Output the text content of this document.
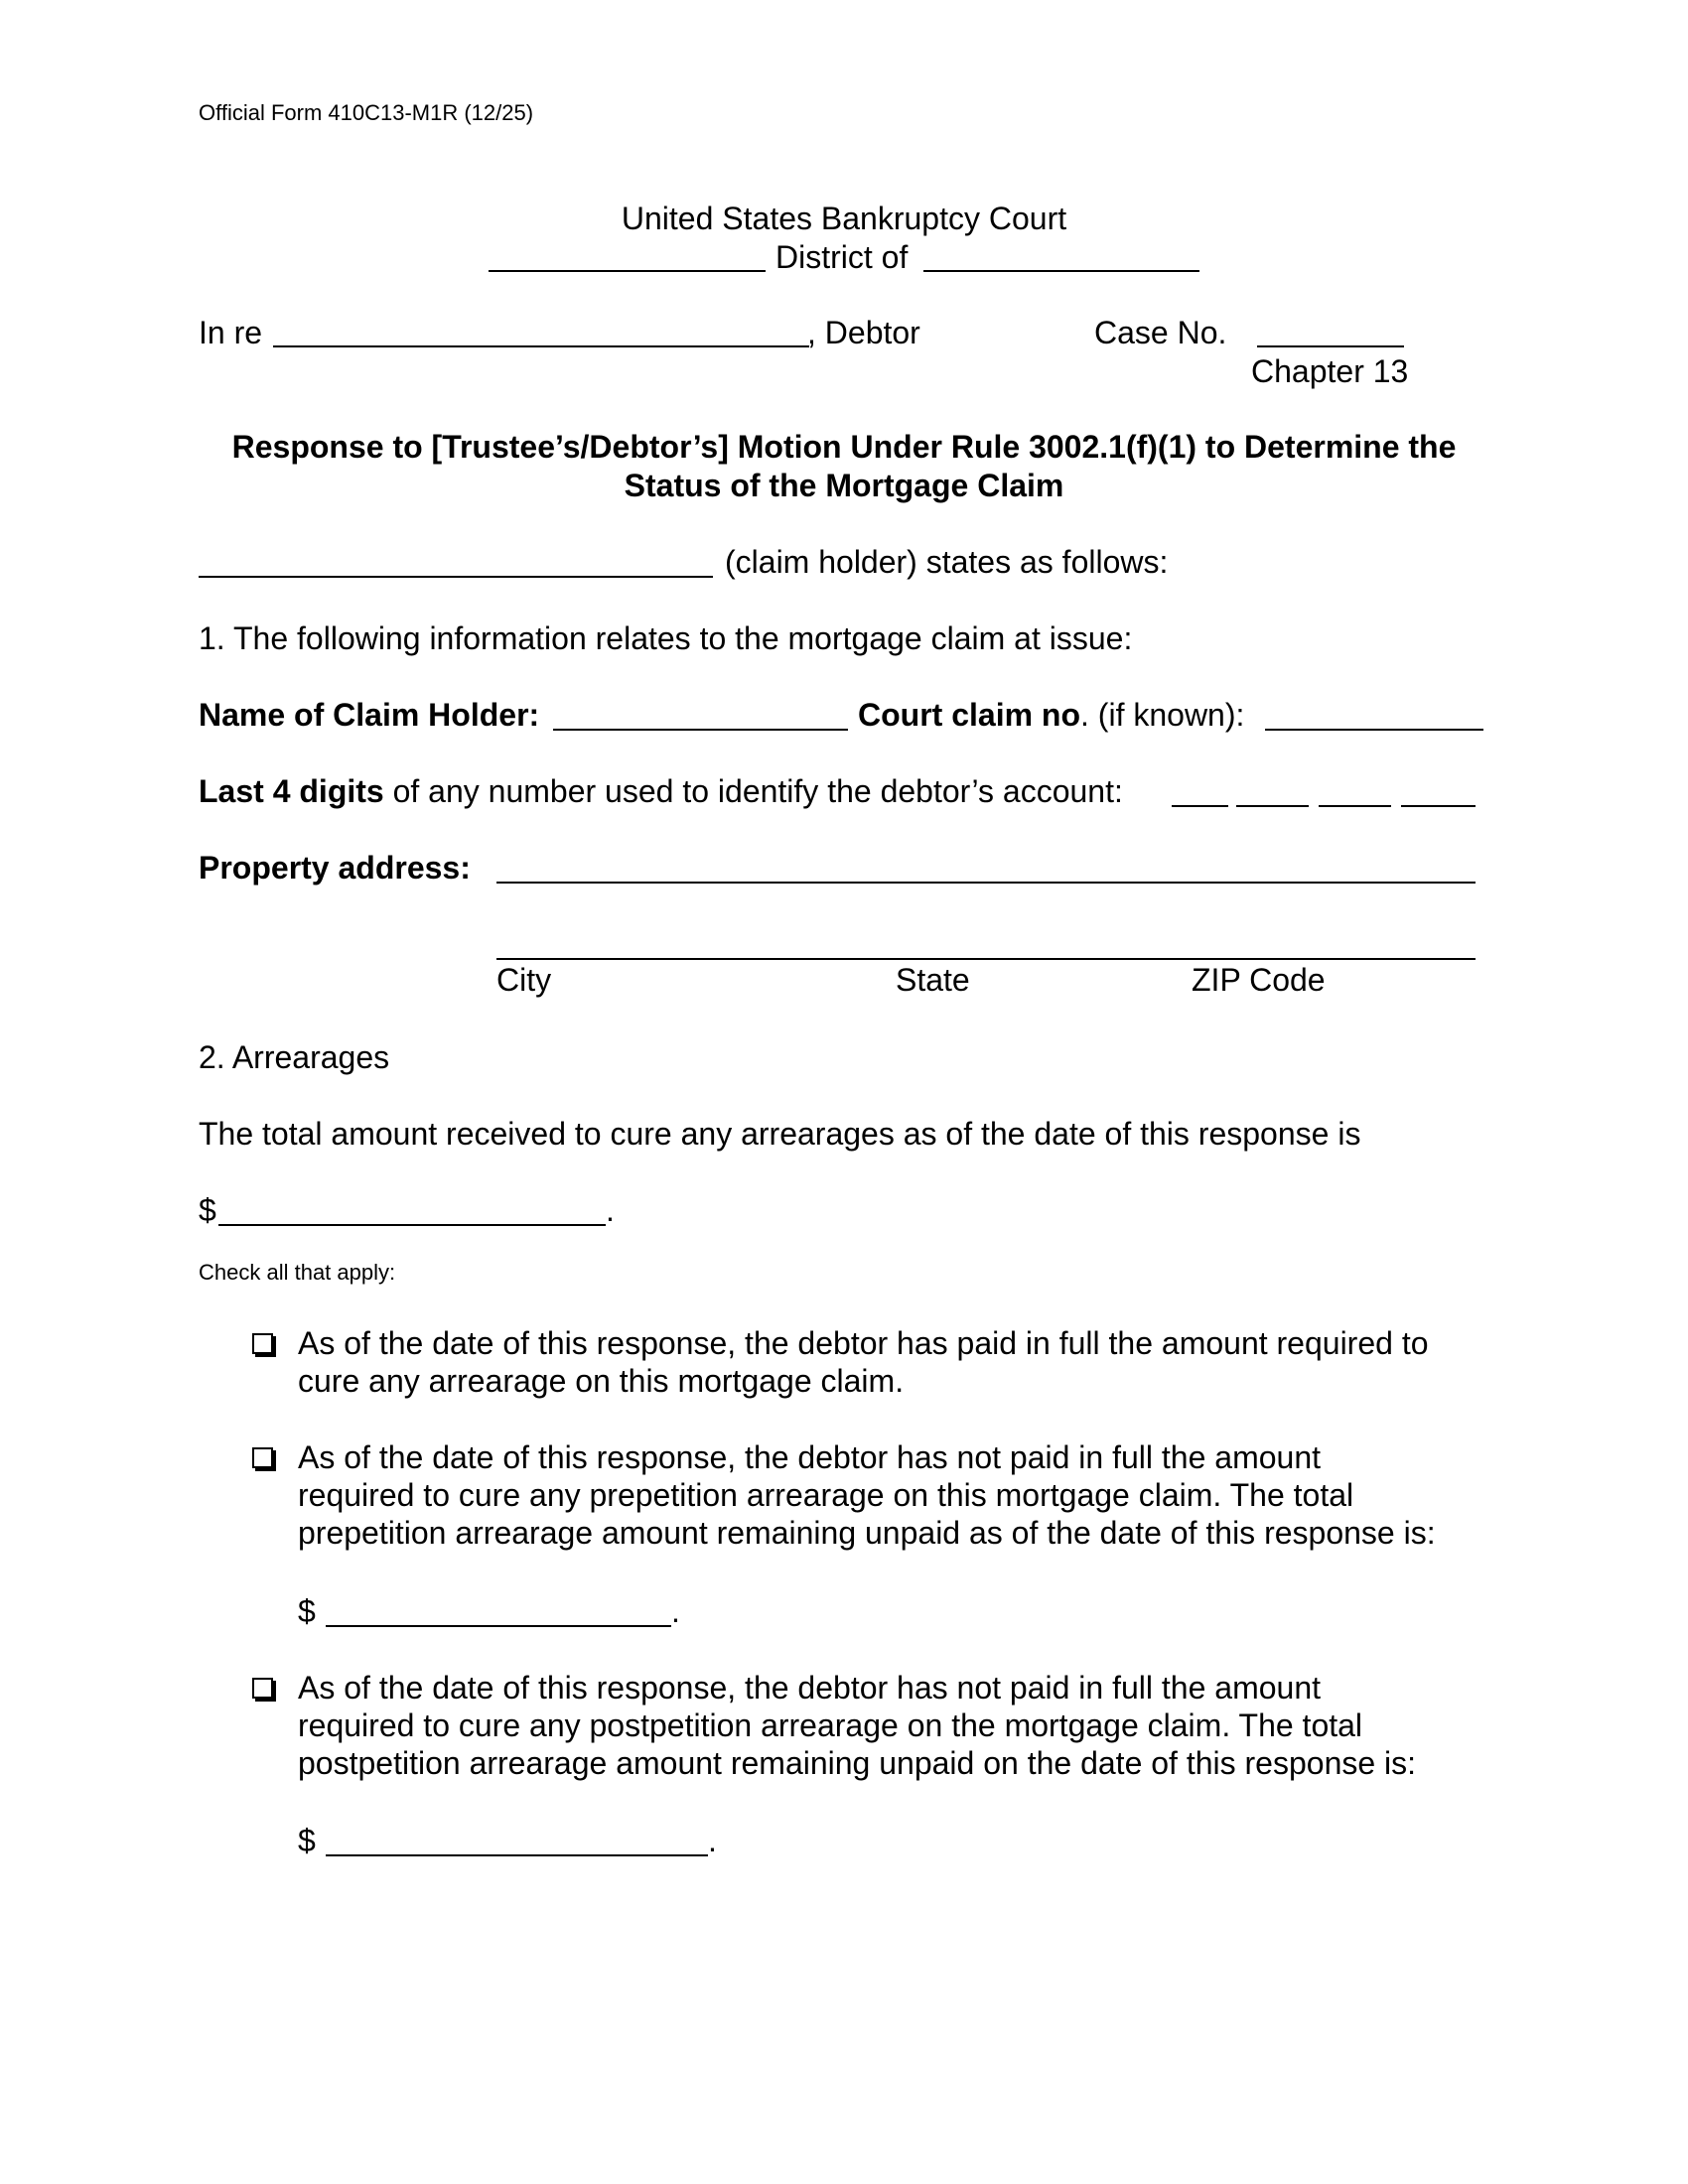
Official Form 410C13-M1R (12/25)
United States Bankruptcy Court
District of
In re	, Debtor	Case No.
Chapter 13
Response to [Trustee’s/Debtor’s] Motion Under Rule 3002.1(f)(1) to Determine the
Status of the Mortgage Claim
(claim holder) states as follows:
1. The following information relates to the mortgage claim at issue:
Name of Claim Holder:	Court claim no. (if known):
Last 4 digits of any number used to identify the debtor’s account:
Property address:
City	State	ZIP Code
2. Arrearages
The total amount received to cure any arrearages as of the date of this response is
$	.
Check all that apply:
As of the date of this response, the debtor has paid in full the amount required to
cure any arrearage on this mortgage claim.
As of the date of this response, the debtor has not paid in full the amount
required to cure any prepetition arrearage on this mortgage claim. The total
prepetition arrearage amount remaining unpaid as of the date of this response is:
$	.
As of the date of this response, the debtor has not paid in full the amount
required to cure any postpetition arrearage on the mortgage claim. The total
postpetition arrearage amount remaining unpaid on the date of this response is:
$	.
